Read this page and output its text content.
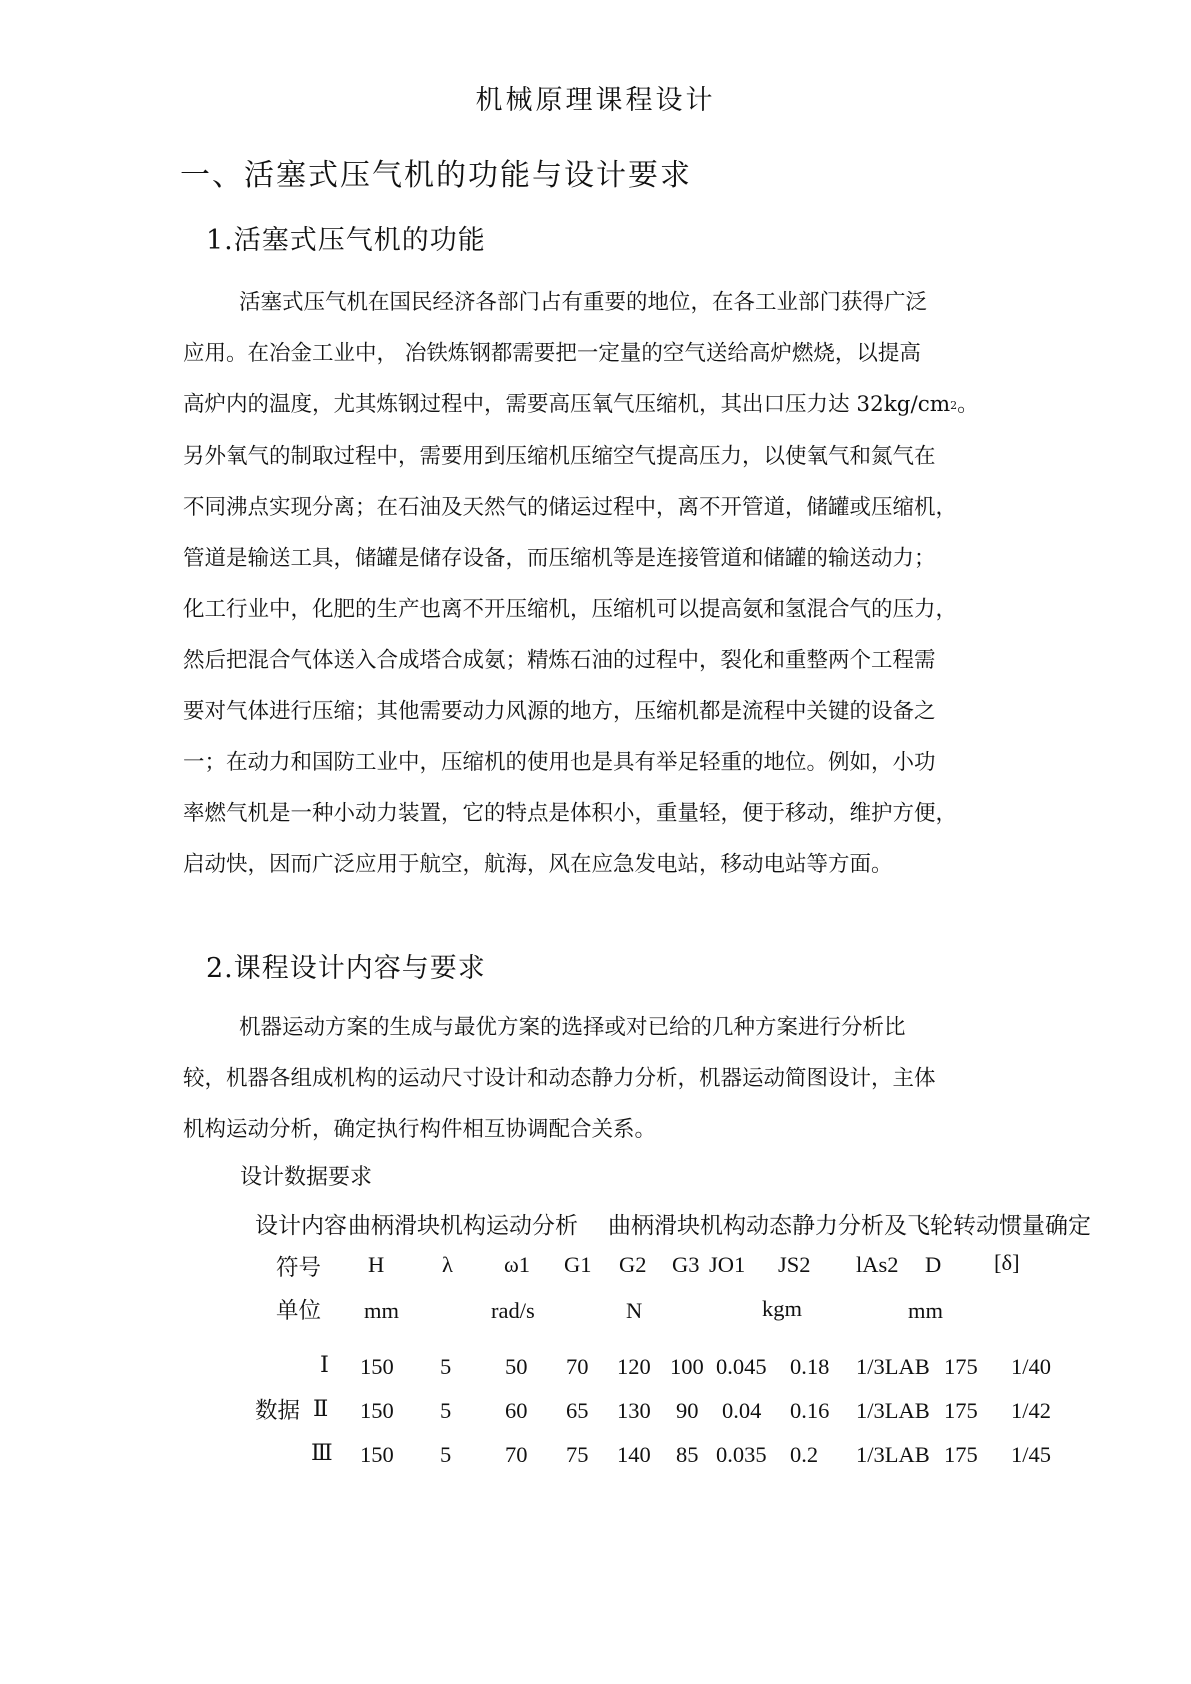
机械原理课程设计
一、活塞式压气机的功能与设计要求
1.活塞式压气机的功能
活塞式压气机在国民经济各部门占有重要的地位，在各工业部门获得广泛
应用。在冶金工业中， 冶铁炼钢都需要把一定量的空气送给高炉燃烧，以提高
高炉内的温度，尤其炼钢过程中，需要高压氧气压缩机，其出口压力达 $32kg/cm^2$。
另外氧气的制取过程中，需要用到压缩机压缩空气提高压力，以使氧气和氮气在
不同沸点实现分离；在石油及天然气的储运过程中，离不开管道，储罐或压缩机，
管道是输送工具，储罐是储存设备，而压缩机等是连接管道和储罐的输送动力；
化工行业中，化肥的生产也离不开压缩机，压缩机可以提高氨和氢混合气的压力，
然后把混合气体送入合成塔合成氨；精炼石油的过程中，裂化和重整两个工程需
要对气体进行压缩；其他需要动力风源的地方，压缩机都是流程中关键的设备之
一；在动力和国防工业中，压缩机的使用也是具有举足轻重的地位。例如，小功
率燃气机是一种小动力装置，它的特点是体积小，重量轻，便于移动，维护方便，
启动快，因而广泛应用于航空，航海，风在应急发电站，移动电站等方面。
2.课程设计内容与要求
机器运动方案的生成与最优方案的选择或对已给的几种方案进行分析比
较，机器各组成机构的运动尺寸设计和动态静力分析，机器运动简图设计，主体
机构运动分析，确定执行构件相互协调配合关系。
设计数据要求
设计内容 曲柄滑块机构运动分析 曲柄滑块机构动态静力分析及飞轮转动惯量确定
符号 H	λ ω1 G1 G2 G3 JO1 JS2 lAs2 D [δ]
单位 mm	rad/s	N	kgm	mm
数据
Ⅰ 150 5 50 70 120 100 0.045 0.18 1/3LAB 175 1/40
Ⅱ 150 5 60 65 130 90 0.04 0.16 1/3LAB 175 1/42
Ⅲ 150 5 70 75 140 85 0.035 0.2 1/3LAB 175 1/45
